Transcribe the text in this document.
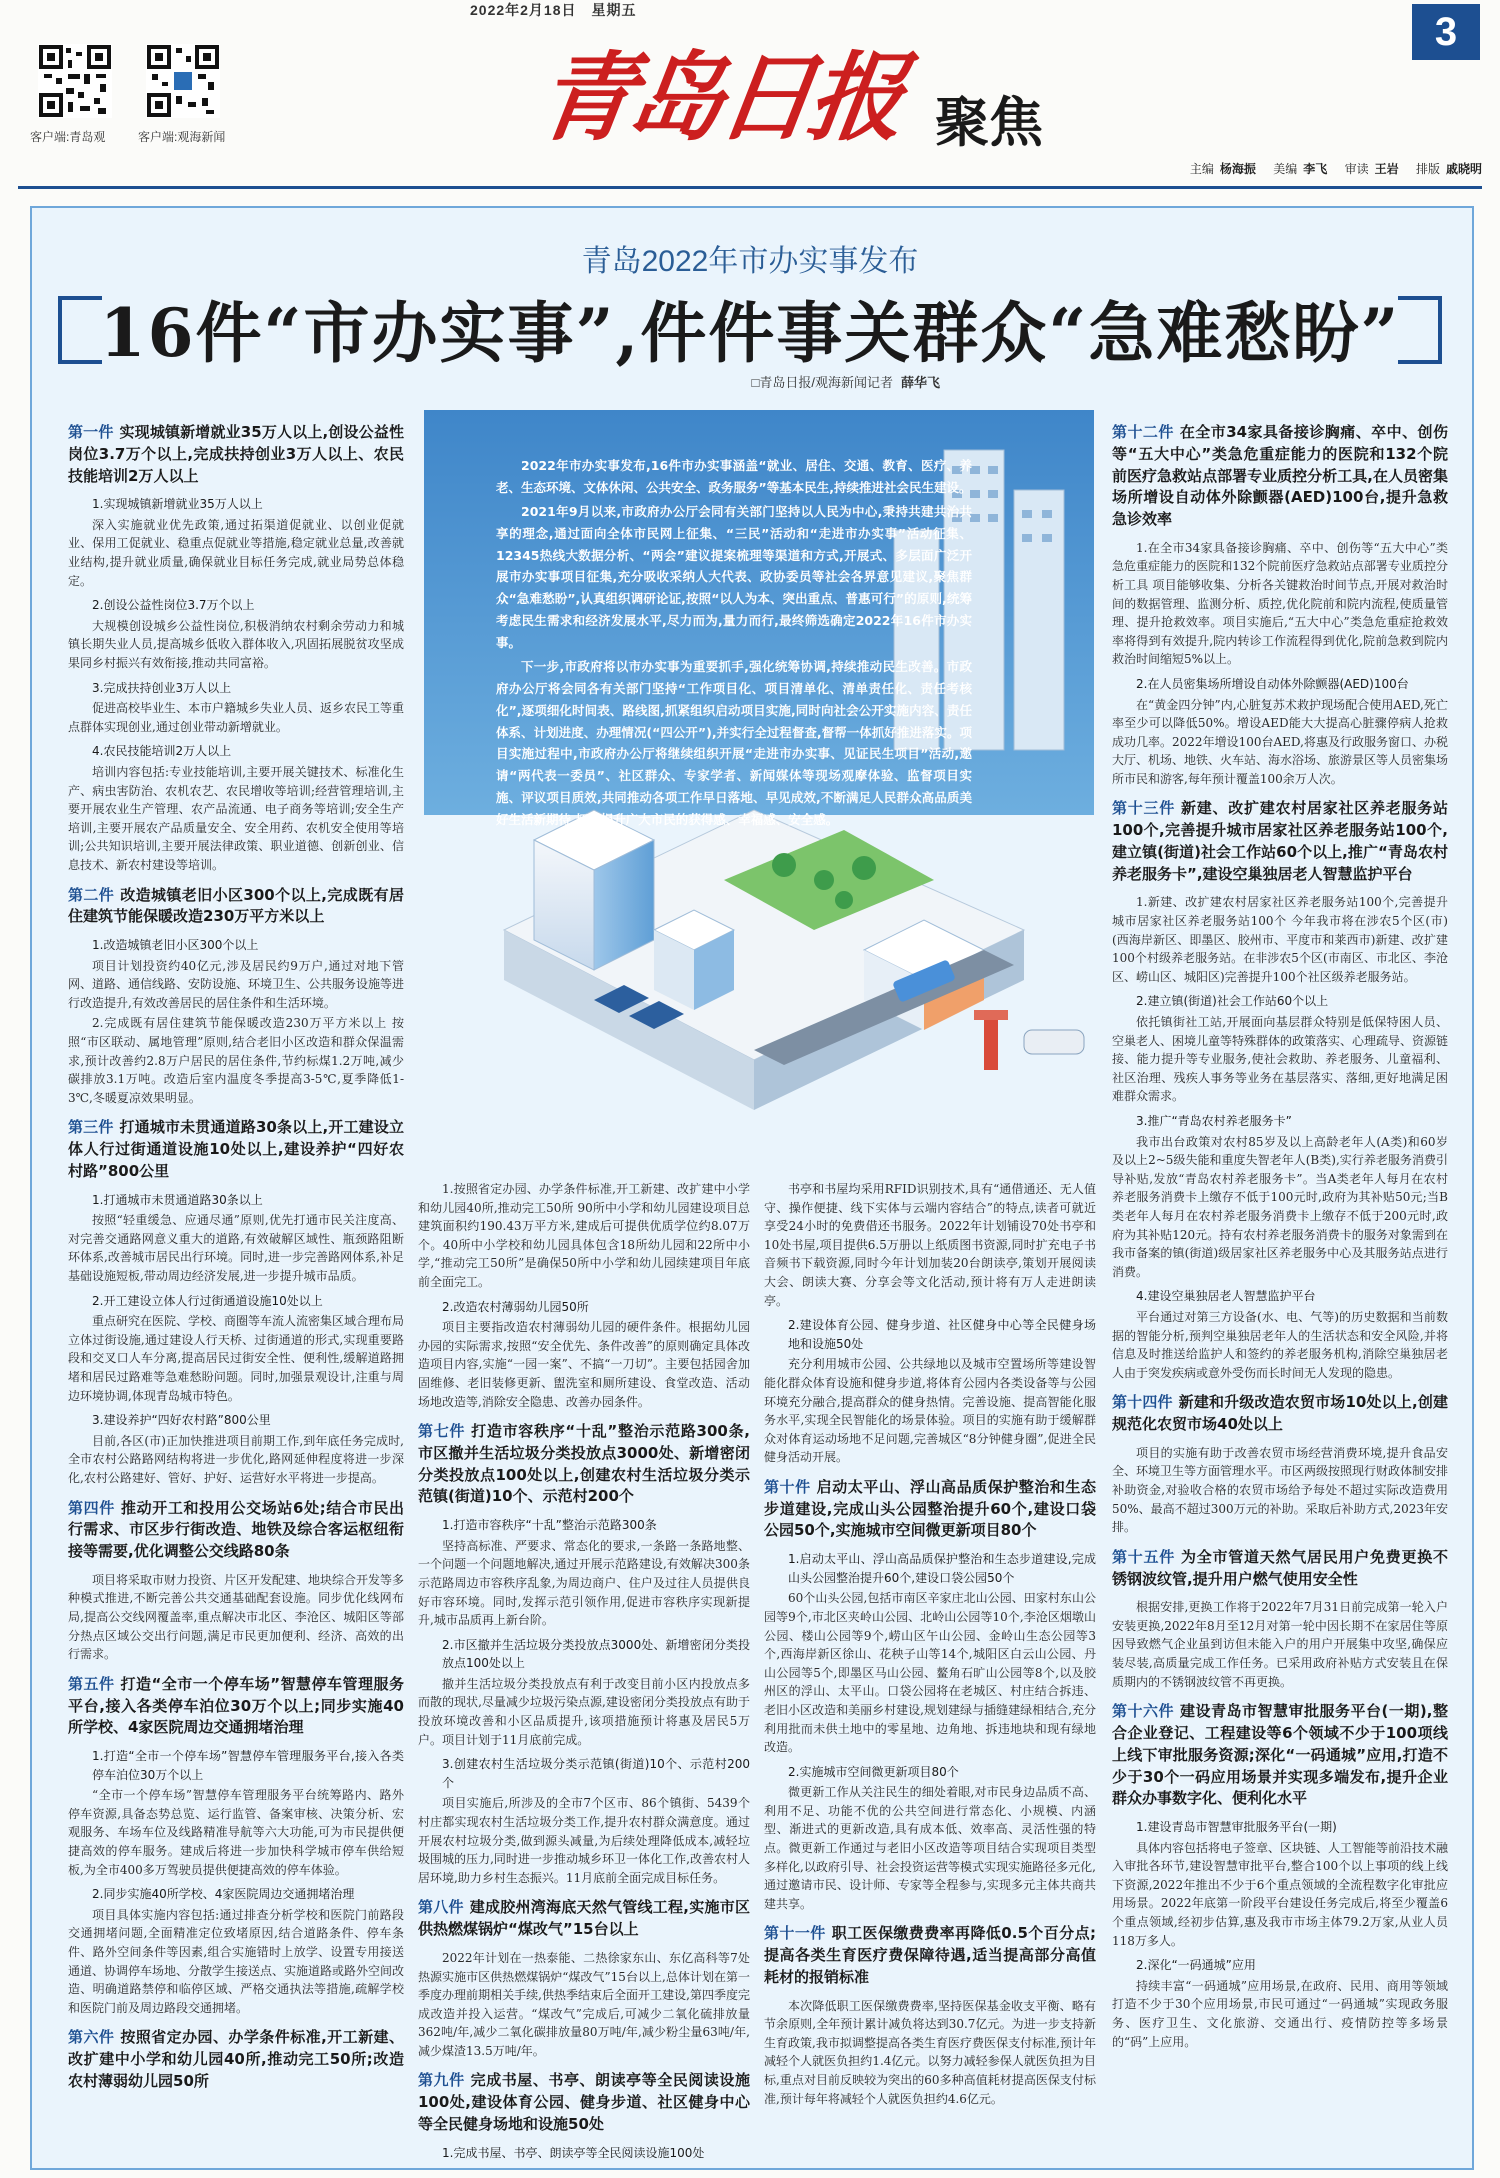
2022年2月18日　星期五
客户端:青岛观	客户端:观海新闻	青岛日报 聚焦
3
主编 杨海振 美编 李飞 审读 王岩 排版 戚晓明
青岛2022年市办实事发布
16件“市办实事”,件件事关群众“急难愁盼”
□青岛日报/观海新闻记者 薛华飞

2022年市办实事发布,16件市办实事涵盖“就业、居住、交通、教育、医疗、养老、生态环境、文体休闲、公共安全、政务服务”等基本民生,持续推进社会民生建设。

2021年9月以来,市政府办公厅会同有关部门坚持以人民为中心,秉持共建共治共享的理念,通过面向全体市民网上征集、“三民”活动和“走进市办实事”活动征集、12345热线大数据分析、“两会”建议提案梳理等渠道和方式,开展式、多层面广泛开展市办实事项目征集,充分吸收采纳人大代表、政协委员等社会各界意见建议,聚焦群众“急难愁盼”,认真组织调研论证,按照“以人为本、突出重点、普惠可行”的原则,统筹考虑民生需求和经济发展水平,尽力而为,量力而行,最终筛选确定2022年16件市办实事。

下一步,市政府将以市办实事为重要抓手,强化统筹协调,持续推动民生改善。市政府办公厅将会同各有关部门坚持“工作项目化、项目清单化、清单责任化、责任考核化”,逐项细化时间表、路线图,抓紧组织启动项目实施,同时向社会公开实施内容、责任体系、计划进度、办理情况(“四公开”),并实行全过程督查,督帮一体抓好推进落实。项目实施过程中,市政府办公厅将继续组织开展“走进市办实事、见证民生项目”活动,邀请“两代表一委员”、社区群众、专家学者、新闻媒体等现场观摩体验、监督项目实施、评议项目质效,共同推动各项工作早日落地、早见成效,不断满足人民群众高品质美好生活新期待,切实提升广大市民的获得感、幸福感、安全感。

第一件 实现城镇新增就业35万人以上,创设公益性岗位3.7万个以上,完成扶持创业3万人以上、农民技能培训2万人以上
1.实现城镇新增就业35万人以上

深入实施就业优先政策,通过拓渠道促就业、以创业促就业、保用工促就业、稳重点促就业等措施,稳定就业总量,改善就业结构,提升就业质量,确保就业目标任务完成,就业局势总体稳定。

2.创设公益性岗位3.7万个以上

大规模创设城乡公益性岗位,积极消纳农村剩余劳动力和城镇长期失业人员,提高城乡低收入群体收入,巩固拓展脱贫攻坚成果同乡村振兴有效衔接,推动共同富裕。

3.完成扶持创业3万人以上

促进高校毕业生、本市户籍城乡失业人员、返乡农民工等重点群体实现创业,通过创业带动新增就业。

4.农民技能培训2万人以上

培训内容包括:专业技能培训,主要开展关键技术、标准化生产、病虫害防治、农机农艺、农民增收等培训;经营管理培训,主要开展农业生产管理、农产品流通、电子商务等培训;安全生产培训,主要开展农产品质量安全、安全用药、农机安全使用等培训;公共知识培训,主要开展法律政策、职业道德、创新创业、信息技术、新农村建设等培训。

第二件 改造城镇老旧小区300个以上,完成既有居住建筑节能保暖改造230万平方米以上
1.改造城镇老旧小区300个以上

项目计划投资约40亿元,涉及居民约9万户,通过对地下管网、道路、通信线路、安防设施、环境卫生、公共服务设施等进行改造提升,有效改善居民的居住条件和生活环境。

2.完成既有居住建筑节能保暖改造230万平方米以上 按照“市区联动、属地管理”原则,结合老旧小区改造和群众保温需求,预计改善约2.8万户居民的居住条件,节约标煤1.2万吨,减少碳排放3.1万吨。改造后室内温度冬季提高3-5℃,夏季降低1-3℃,冬暖夏凉效果明显。

第三件 打通城市未贯通道路30条以上,开工建设立体人行过街通道设施10处以上,建设养护“四好农村路”800公里
1.打通城市未贯通道路30条以上

按照“轻重缓急、应通尽通”原则,优先打通市民关注度高、对完善交通路网意义重大的道路,有效破解区域性、瓶颈路阻断环体系,改善城市居民出行环境。同时,进一步完善路网体系,补足基础设施短板,带动周边经济发展,进一步提升城市品质。

2.开工建设立体人行过街通道设施10处以上

重点研究在医院、学校、商圈等车流人流密集区域合理布局立体过街设施,通过建设人行天桥、过街通道的形式,实现重要路段和交叉口人车分离,提高居民过街安全性、便利性,缓解道路拥堵和居民过路难等急难愁盼问题。同时,加强景观设计,注重与周边环境协调,体现青岛城市特色。

3.建设养护“四好农村路”800公里

目前,各区(市)正加快推进项目前期工作,到年底任务完成时,全市农村公路路网结构将进一步优化,路网延伸程度将进一步深化,农村公路建好、管好、护好、运营好水平将进一步提高。

第四件 推动开工和投用公交场站6处;结合市民出行需求、市区步行街改造、地铁及综合客运枢纽衔接等需要,优化调整公交线路80条

项目将采取市财力投资、片区开发配建、地块综合开发等多种模式推进,不断完善公共交通基础配套设施。同步优化线网布局,提高公交线网覆盖率,重点解决市北区、李沧区、城阳区等部分热点区域公交出行问题,满足市民更加便利、经济、高效的出行需求。

第五件 打造“全市一个停车场”智慧停车管理服务平台,接入各类停车泊位30万个以上;同步实施40所学校、4家医院周边交通拥堵治理
1.打造“全市一个停车场”智慧停车管理服务平台,接入各类停车泊位30万个以上

“全市一个停车场”智慧停车管理服务平台统筹路内、路外停车资源,具备态势总览、运行监管、备案审核、决策分析、宏观服务、车场车位及线路精准导航等六大功能,可为市民提供便捷高效的停车服务。建成后将进一步加快科学城市停车供给短板,为全市400多万驾驶员提供便捷高效的停车体验。

2.同步实施40所学校、4家医院周边交通拥堵治理

项目具体实施内容包括:通过排查分析学校和医院门前路段交通拥堵问题,全面精准定位致堵原因,结合道路条件、停车条件、路外空间条件等因素,组合实施错时上放学、设置专用接送通道、协调停车场地、分散学生接送点、实施道路或路外空间改造、明确道路禁停和临停区域、严格交通执法等措施,疏解学校和医院门前及周边路段交通拥堵。

第六件 按照省定办园、办学条件标准,开工新建、改扩建中小学和幼儿园40所,推动完工50所;改造农村薄弱幼儿园50所

1.按照省定办园、办学条件标准,开工新建、改扩建中小学和幼儿园40所,推动完工50所 90所中小学和幼儿园建设项目总建筑面积约190.43万平方米,建成后可提供优质学位约8.07万个。40所中小学校和幼儿园具体包含18所幼儿园和22所中小学,“推动完工50所”是确保50所中小学和幼儿园续建项目年底前全面完工。

2.改造农村薄弱幼儿园50所

项目主要指改造农村薄弱幼儿园的硬件条件。根据幼儿园办园的实际需求,按照“安全优先、条件改善”的原则确定具体改造项目内容,实施“一园一案”、不搞“一刀切”。主要包括园舍加固维修、老旧装修更新、盥洗室和厕所建设、食堂改造、活动场地改造等,消除安全隐患、改善办园条件。

第七件 打造市容秩序“十乱”整治示范路300条,市区撤并生活垃圾分类投放点3000处、新增密闭分类投放点100处以上,创建农村生活垃圾分类示范镇(街道)10个、示范村200个
1.打造市容秩序“十乱”整治示范路300条

坚持高标准、严要求、常态化的要求,一条路一条路地整、一个问题一个问题地解决,通过开展示范路建设,有效解决300条示范路周边市容秩序乱象,为周边商户、住户及过往人员提供良好市容环境。同时,发挥示范引领作用,促进市容秩序实现新提升,城市品质再上新台阶。

2.市区撤并生活垃圾分类投放点3000处、新增密闭分类投放点100处以上

撤并生活垃圾分类投放点有利于改变目前小区内投放点多而散的现状,尽量减少垃圾污染点源,建设密闭分类投放点有助于投放环境改善和小区品质提升,该项措施预计将惠及居民5万户。项目计划于11月底前完成。

3.创建农村生活垃圾分类示范镇(街道)10个、示范村200个

项目实施后,所涉及的全市7个区市、86个镇街、5439个村庄都实现农村生活垃圾分类工作,提升农村群众满意度。通过开展农村垃圾分类,做到源头减量,为后续处理降低成本,减轻垃圾围城的压力,同时进一步推动城乡环卫一体化工作,改善农村人居环境,助力乡村生态振兴。11月底前全面完成目标任务。

第八件 建成胶州湾海底天然气管线工程,实施市区供热燃煤锅炉“煤改气”15台以上

2022年计划在一热泰能、二热徐家东山、东亿高科等7处热源实施市区供热燃煤锅炉“煤改气”15台以上,总体计划在第一季度办理前期相关手续,供热季结束后全面开工建设,第四季度完成改造并投入运营。“煤改气”完成后,可减少二氧化硫排放量362吨/年,减少二氧化碳排放量80万吨/年,减少粉尘量63吨/年,减少煤渣13.5万吨/年。

第九件 完成书屋、书亭、朗读亭等全民阅读设施100处,建设体育公园、健身步道、社区健身中心等全民健身场地和设施50处
1.完成书屋、书亭、朗读亭等全民阅读设施100处

书亭和书屋均采用RFID识别技术,具有“通借通还、无人值守、操作便捷、线下实体与云端内容结合”的特点,读者可就近享受24小时的免费借还书服务。2022年计划铺设70处书亭和10处书屋,项目提供6.5万册以上纸质图书资源,同时扩充电子书音频书下载资源,同时今年计划加装20台朗读亭,策划开展阅读大会、朗读大赛、分享会等文化活动,预计将有万人走进朗读亭。

2.建设体育公园、健身步道、社区健身中心等全民健身场地和设施50处

充分利用城市公园、公共绿地以及城市空置场所等建设智能化群众体育设施和健身步道,将体育公园内各类设备等与公园环境充分融合,提高群众的健身热情。完善设施、提高智能化服务水平,实现全民智能化的场景体验。项目的实施有助于缓解群众对体育运动场地不足问题,完善城区“8分钟健身圈”,促进全民健身活动开展。

第十件 启动太平山、浮山高品质保护整治和生态步道建设,完成山头公园整治提升60个,建设口袋公园50个,实施城市空间微更新项目80个
1.启动太平山、浮山高品质保护整治和生态步道建设,完成山头公园整治提升60个,建设口袋公园50个

60个山头公园,包括市南区辛家庄北山公园、田家村东山公园等9个,市北区夹岭山公园、北岭山公园等10个,李沧区烟墩山公园、楼山公园等9个,崂山区午山公园、金岭山生态公园等3个,西海岸新区徐山、花秧子山等14个,城阳区白云山公园、丹山公园等5个,即墨区马山公园、鳌角石旷山公园等8个,以及胶州区的浮山、太平山。口袋公园将在老城区、村庄结合拆违、老旧小区改造和美丽乡村建设,规划建绿与插缝建绿相结合,充分利用批而未供土地中的零星地、边角地、拆违地块和现有绿地改造。

2.实施城市空间微更新项目80个

微更新工作从关注民生的细处着眼,对市民身边品质不高、利用不足、功能不优的公共空间进行常态化、小规模、内涵型、渐进式的更新改造,具有成本低、效率高、灵活性强的特点。微更新工作通过与老旧小区改造等项目结合实现项目类型多样化,以政府引导、社会投资运营等模式实现实施路径多元化,通过邀请市民、设计师、专家等全程参与,实现多元主体共商共建共享。

第十一件 职工医保缴费费率再降低0.5个百分点;提高各类生育医疗费保障待遇,适当提高部分高值耗材的报销标准

本次降低职工医保缴费费率,坚持医保基金收支平衡、略有节余原则,全年预计累计减负将达到30.7亿元。为进一步支持新生育政策,我市拟调整提高各类生育医疗费医保支付标准,预计年减轻个人就医负担约1.4亿元。以努力减轻参保人就医负担为目标,重点对目前反映较为突出的60多种高值耗材提高医保支付标准,预计每年将减轻个人就医负担约4.6亿元。

第十二件 在全市34家具备接诊胸痛、卒中、创伤等“五大中心”类急危重症能力的医院和132个院前医疗急救站点部署专业质控分析工具,在人员密集场所增设自动体外除颤器(AED)100台,提升急救急诊效率

1.在全市34家具备接诊胸痛、卒中、创伤等“五大中心”类急危重症能力的医院和132个院前医疗急救站点部署专业质控分析工具 项目能够收集、分析各关键救治时间节点,开展对救治时间的数据管理、监测分析、质控,优化院前和院内流程,使质量管理、提升抢救效率。项目实施后,“五大中心”类急危重症抢救效率将得到有效提升,院内转诊工作流程得到优化,院前急救到院内救治时间缩短5%以上。

2.在人员密集场所增设自动体外除颤器(AED)100台

在“黄金四分钟”内,心脏复苏术救护现场配合使用AED,死亡率至少可以降低50%。增设AED能大大提高心脏骤停病人抢救成功几率。2022年增设100台AED,将惠及行政服务窗口、办税大厅、机场、地铁、火车站、海水浴场、旅游景区等人员密集场所市民和游客,每年预计覆盖100余万人次。

第十三件 新建、改扩建农村居家社区养老服务站100个,完善提升城市居家社区养老服务站100个,建立镇(街道)社会工作站60个以上,推广“青岛农村养老服务卡”,建设空巢独居老人智慧监护平台

1.新建、改扩建农村居家社区养老服务站100个,完善提升城市居家社区养老服务站100个 今年我市将在涉农5个区(市)(西海岸新区、即墨区、胶州市、平度市和莱西市)新建、改扩建100个村级养老服务站。在非涉农5个区(市南区、市北区、李沧区、崂山区、城阳区)完善提升100个社区级养老服务站。

2.建立镇(街道)社会工作站60个以上

依托镇街社工站,开展面向基层群众特别是低保特困人员、空巢老人、困境儿童等特殊群体的政策落实、心理疏导、资源链接、能力提升等专业服务,使社会救助、养老服务、儿童福利、社区治理、残疾人事务等业务在基层落实、落细,更好地满足困难群众需求。

3.推广“青岛农村养老服务卡”

我市出台政策对农村85岁及以上高龄老年人(A类)和60岁及以上2~5级失能和重度失智老年人(B类),实行养老服务消费引导补贴,发放“青岛农村养老服务卡”。当A类老年人每月在农村养老服务消费卡上缴存不低于100元时,政府为其补贴50元;当B类老年人每月在农村养老服务消费卡上缴存不低于200元时,政府为其补贴120元。持有农村养老服务消费卡的服务对象需到在我市备案的镇(街道)级居家社区养老服务中心及其服务站点进行消费。

4.建设空巢独居老人智慧监护平台

平台通过对第三方设备(水、电、气等)的历史数据和当前数据的智能分析,预判空巢独居老年人的生活状态和安全风险,并将信息及时推送给监护人和签约的养老服务机构,消除空巢独居老人由于突发疾病或意外受伤而长时间无人发现的隐患。

第十四件 新建和升级改造农贸市场10处以上,创建规范化农贸市场40处以上

项目的实施有助于改善农贸市场经营消费环境,提升食品安全、环境卫生等方面管理水平。市区两级按照现行财政体制安排补助资金,对验收合格的农贸市场给予每处不超过实际改造费用50%、最高不超过300万元的补助。采取后补助方式,2023年安排。

第十五件 为全市管道天然气居民用户免费更换不锈钢波纹管,提升用户燃气使用安全性

根据安排,更换工作将于2022年7月31日前完成第一轮入户安装更换,2022年8月至12月对第一轮中因长期不在家居住等原因导致燃气企业虽到访但未能入户的用户开展集中攻坚,确保应装尽装,高质量完成工作任务。已采用政府补贴方式安装且在保质期内的不锈钢波纹管不再更换。

第十六件 建设青岛市智慧审批服务平台(一期),整合企业登记、工程建设等6个领域不少于100项线上线下审批服务资源;深化“一码通城”应用,打造不少于30个一码应用场景并实现多端发布,提升企业群众办事数字化、便利化水平
1.建设青岛市智慧审批服务平台(一期)

具体内容包括将电子签章、区块链、人工智能等前沿技术融入审批各环节,建设智慧审批平台,整合100个以上事项的线上线下资源,2022年推出不少于6个重点领域的全流程数字化审批应用场景。2022年底第一阶段平台建设任务完成后,将至少覆盖6个重点领域,经初步估算,惠及我市市场主体79.2万家,从业人员118万多人。

2.深化“一码通城”应用

持续丰富“一码通城”应用场景,在政府、民用、商用等领域打造不少于30个应用场景,市民可通过“一码通城”实现政务服务、医疗卫生、文化旅游、交通出行、疫情防控等多场景的“码”上应用。
